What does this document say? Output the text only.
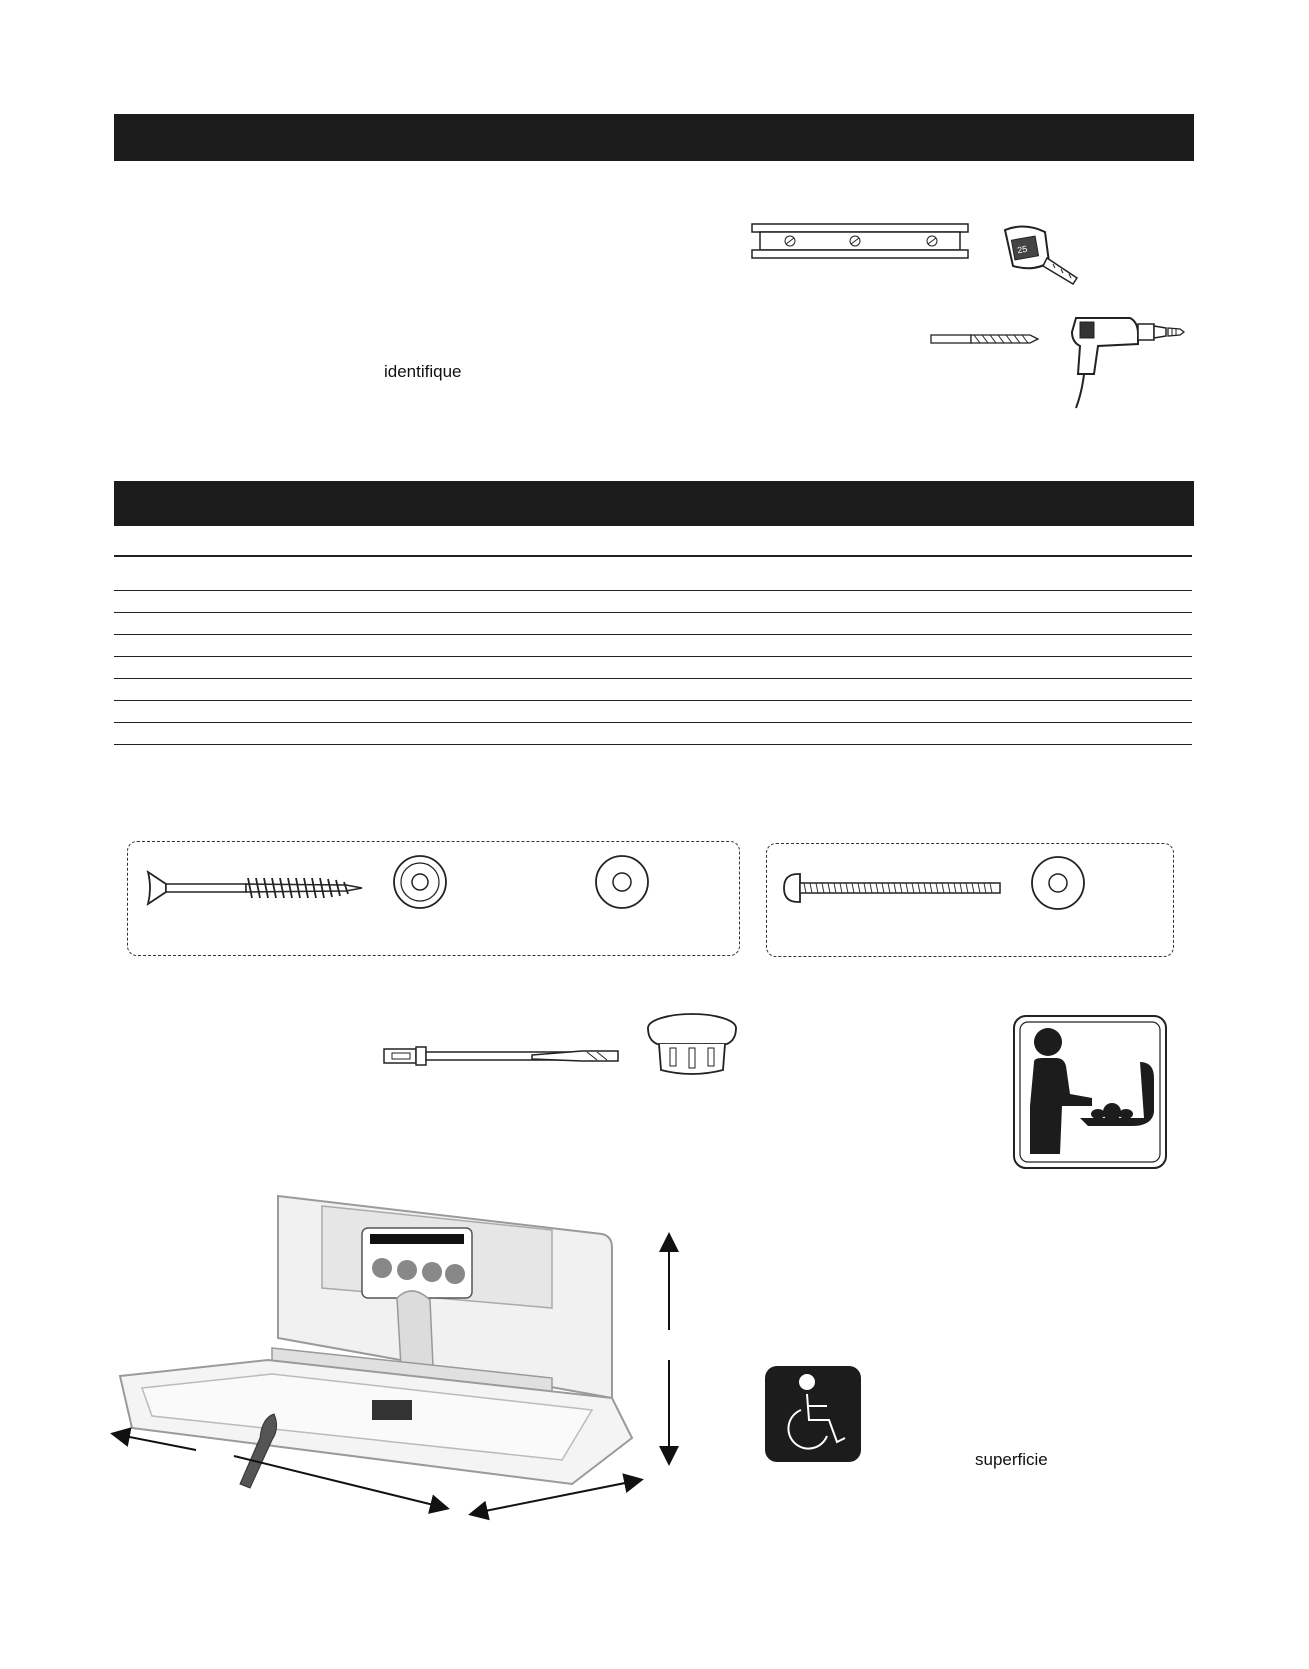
25
identifique
superficie
